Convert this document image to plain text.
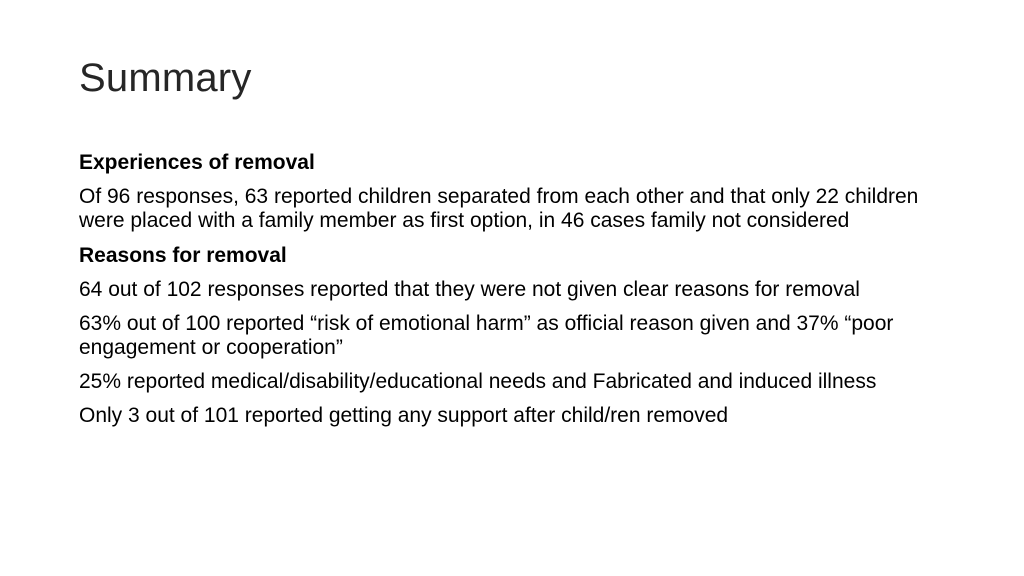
Summary
Experiences of removal
Of 96 responses, 63 reported children separated from each other and that only 22 children were placed with a family member as first option, in 46 cases family not considered
Reasons for removal
64 out of 102 responses reported that they were not given clear reasons for removal
63% out of 100 reported “risk of emotional harm” as official reason given and 37% “poor engagement or cooperation”
25% reported medical/disability/educational needs and Fabricated and induced illness
Only 3 out of 101 reported getting any support after child/ren removed
